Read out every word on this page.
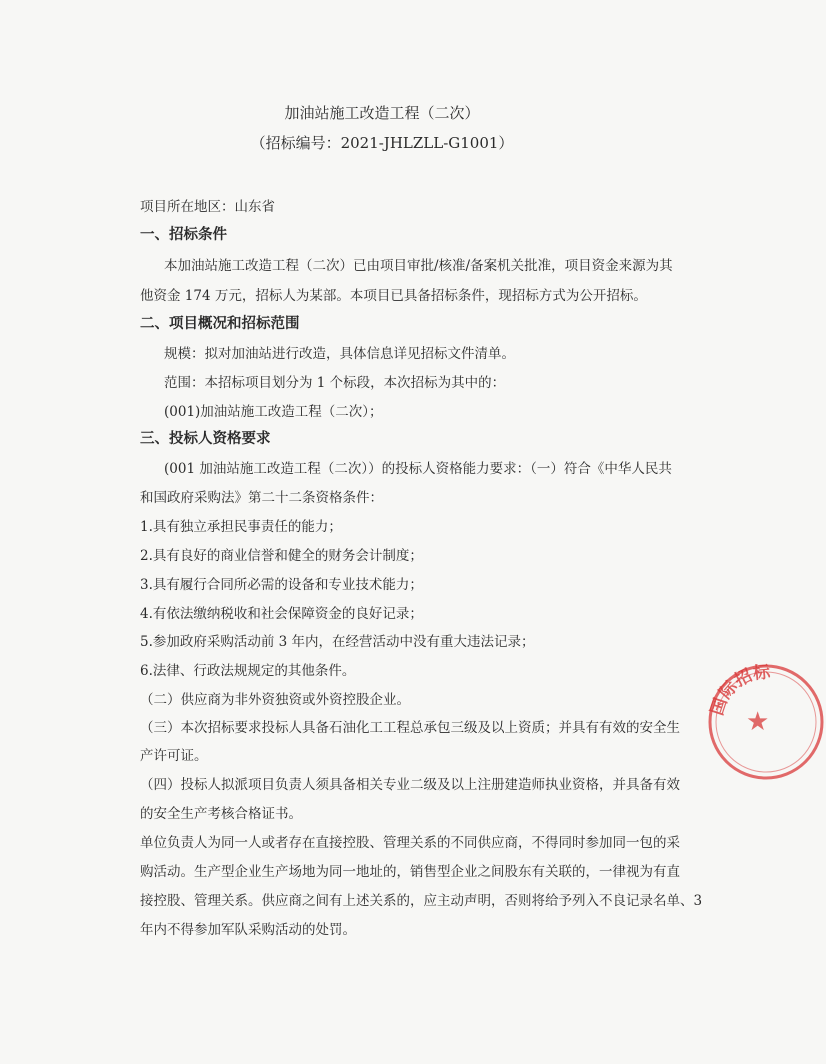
加油站施工改造工程（二次）
（招标编号：2021-JHLZLL-G1001）
项目所在地区：山东省
一、招标条件
本加油站施工改造工程（二次）已由项目审批/核准/备案机关批准，项目资金来源为其
他资金 174 万元，招标人为某部。本项目已具备招标条件，现招标方式为公开招标。
二、项目概况和招标范围
规模：拟对加油站进行改造，具体信息详见招标文件清单。
范围：本招标项目划分为 1 个标段，本次招标为其中的：
(001)加油站施工改造工程（二次）；
三、投标人资格要求
(001 加油站施工改造工程（二次））的投标人资格能力要求：（一）符合《中华人民共
和国政府采购法》第二十二条资格条件：
1.具有独立承担民事责任的能力；
2.具有良好的商业信誉和健全的财务会计制度；
3.具有履行合同所必需的设备和专业技术能力；
4.有依法缴纳税收和社会保障资金的良好记录；
5.参加政府采购活动前 3 年内，在经营活动中没有重大违法记录；
6.法律、行政法规规定的其他条件。
（二）供应商为非外资独资或外资控股企业。
（三）本次招标要求投标人具备石油化工工程总承包三级及以上资质；并具有有效的安全生
产许可证。
（四）投标人拟派项目负责人须具备相关专业二级及以上注册建造师执业资格，并具备有效
的安全生产考核合格证书。
单位负责人为同一人或者存在直接控股、管理关系的不同供应商，不得同时参加同一包的采
购活动。生产型企业生产场地为同一地址的，销售型企业之间股东有关联的，一律视为有直
接控股、管理关系。供应商之间有上述关系的，应主动声明，否则将给予列入不良记录名单、3
年内不得参加军队采购活动的处罚。
国际招标
★
